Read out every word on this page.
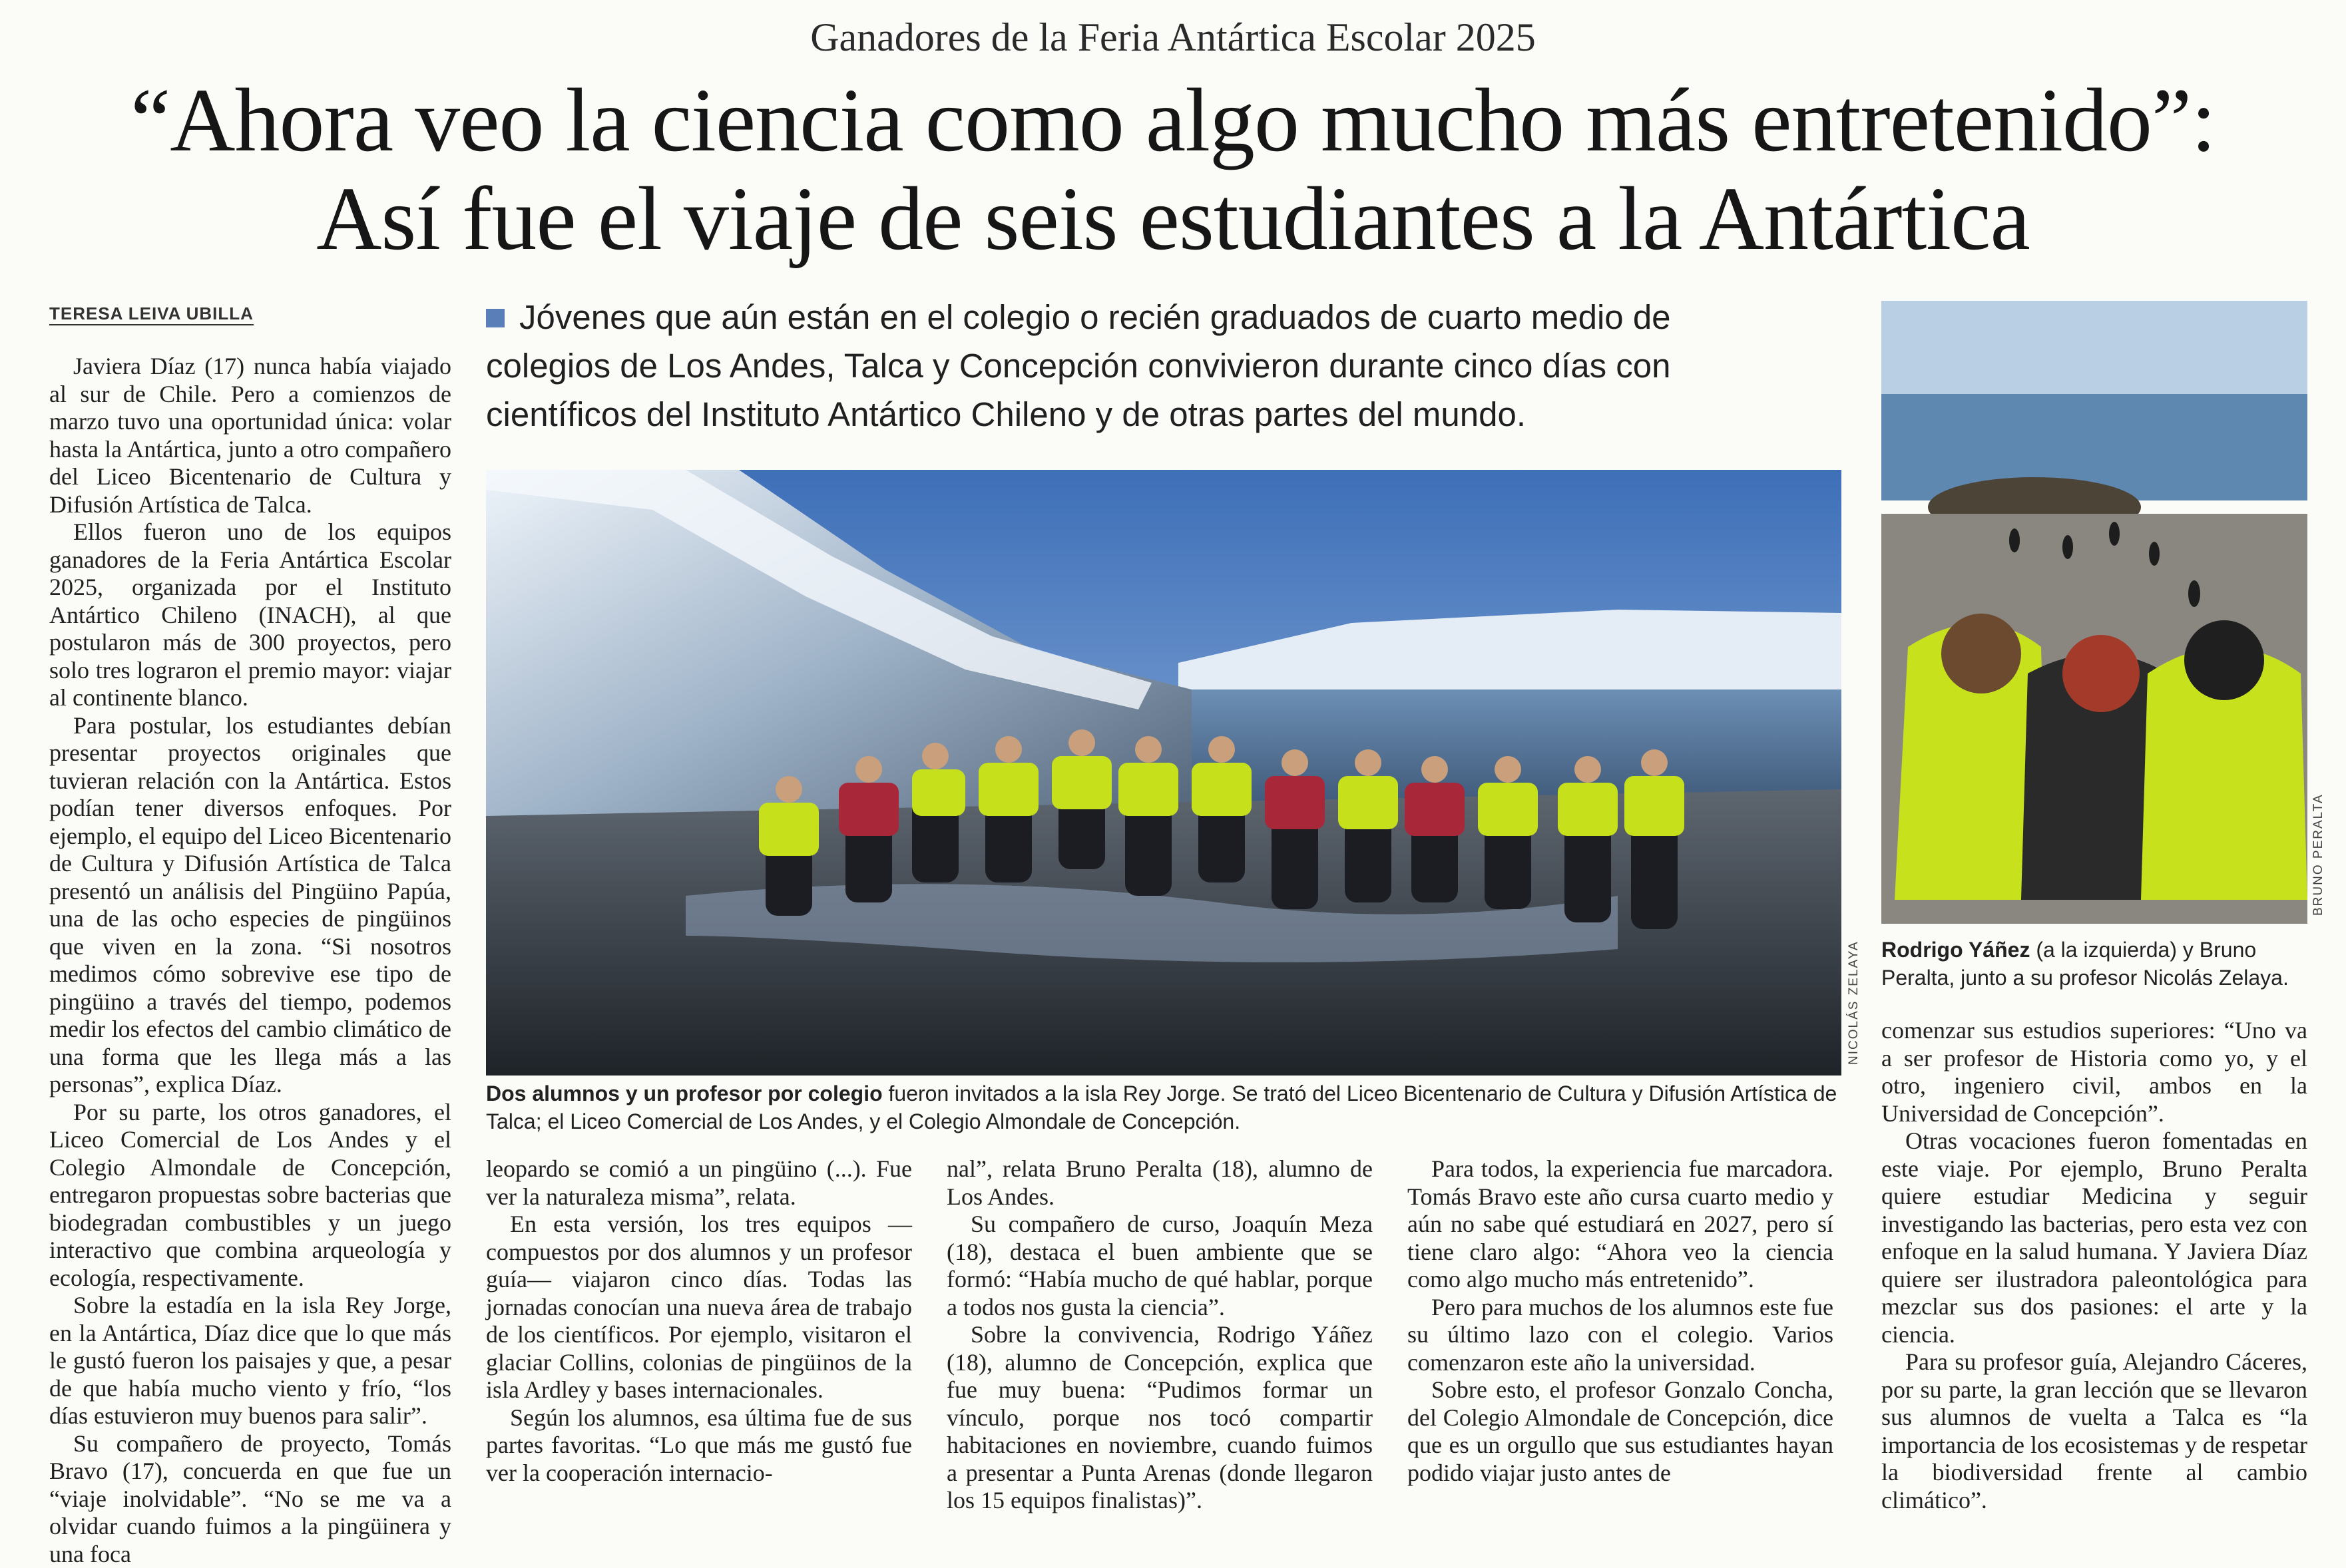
Ganadores de la Feria Antártica Escolar 2025
“Ahora veo la ciencia como algo mucho más entretenido”:
Así fue el viaje de seis estudiantes a la Antártica
TERESA LEIVA UBILLA	Jóvenes que aún están en el colegio o recién graduados de cuarto medio de colegios de Los Andes, Talca y Concepción convivieron durante cinco días con científicos del Instituto Antártico Chileno y de otras partes del mundo.
NICOLÁS ZELAYA
Dos alumnos y un profesor por colegio fueron invitados a la isla Rey Jorge. Se trató del Liceo Bicentenario de Cultura y Difusión Artística de Talca; el Liceo Comercial de Los Andes, y el Colegio Almondale de Concepción.
BRUNO PERALTA
Rodrigo Yáñez (a la izquierda) y Bruno Peralta, junto a su profesor Nicolás Zelaya.

Javiera Díaz (17) nunca había viajado al sur de Chile. Pero a comienzos de marzo tuvo una oportunidad única: volar hasta la Antártica, junto a otro compañero del Liceo Bicentenario de Cultura y Difusión Artística de Talca.

Ellos fueron uno de los equipos ganadores de la Feria Antártica Escolar 2025, organizada por el Instituto Antártico Chileno (INACH), al que postularon más de 300 proyectos, pero solo tres lograron el premio mayor: viajar al continente blanco.

Para postular, los estudiantes debían presentar proyectos originales que tuvieran relación con la Antártica. Estos podían tener diversos enfoques. Por ejemplo, el equipo del Liceo Bicentenario de Cultura y Difusión Artística de Talca presentó un análisis del Pingüino Papúa, una de las ocho especies de pingüinos que viven en la zona. “Si nosotros medimos cómo sobrevive ese tipo de pingüino a través del tiempo, podemos medir los efectos del cambio climático de una forma que les llega más a las personas”, explica Díaz.

Por su parte, los otros ganadores, el Liceo Comercial de Los Andes y el Colegio Almondale de Concepción, entregaron propuestas sobre bacterias que biodegradan combustibles y un juego interactivo que combina arqueología y ecología, respectivamente.

Sobre la estadía en la isla Rey Jorge, en la Antártica, Díaz dice que lo que más le gustó fueron los paisajes y que, a pesar de que había mucho viento y frío, “los días estuvieron muy buenos para salir”.

Su compañero de proyecto, Tomás Bravo (17), concuerda en que fue un “viaje inolvidable”. “No se me va a olvidar cuando fuimos a la pingüinera y una foca

leopardo se comió a un pingüino (...). Fue ver la naturaleza misma”, relata.

En esta versión, los tres equipos —compuestos por dos alumnos y un profesor guía— viajaron cinco días. Todas las jornadas conocían una nueva área de trabajo de los científicos. Por ejemplo, visitaron el glaciar Collins, colonias de pingüinos de la isla Ardley y bases internacionales.

Según los alumnos, esa última fue de sus partes favoritas. “Lo que más me gustó fue ver la cooperación internacio-

nal”, relata Bruno Peralta (18), alumno de Los Andes.

Su compañero de curso, Joaquín Meza (18), destaca el buen ambiente que se formó: “Había mucho de qué hablar, porque a todos nos gusta la ciencia”.

Sobre la convivencia, Rodrigo Yáñez (18), alumno de Concepción, explica que fue muy buena: “Pudimos formar un vínculo, porque nos tocó compartir habitaciones en noviembre, cuando fuimos a presentar a Punta Arenas (donde llegaron los 15 equipos finalistas)”.

Para todos, la experiencia fue marcadora. Tomás Bravo este año cursa cuarto medio y aún no sabe qué estudiará en 2027, pero sí tiene claro algo: “Ahora veo la ciencia como algo mucho más entretenido”.

Pero para muchos de los alumnos este fue su último lazo con el colegio. Varios comenzaron este año la universidad.

Sobre esto, el profesor Gonzalo Concha, del Colegio Almondale de Concepción, dice que es un orgullo que sus estudiantes hayan podido viajar justo antes de

comenzar sus estudios superiores: “Uno va a ser profesor de Historia como yo, y el otro, ingeniero civil, ambos en la Universidad de Concepción”.

Otras vocaciones fueron fomentadas en este viaje. Por ejemplo, Bruno Peralta quiere estudiar Medicina y seguir investigando las bacterias, pero esta vez con enfoque en la salud humana. Y Javiera Díaz quiere ser ilustradora paleontológica para mezclar sus dos pasiones: el arte y la ciencia.

Para su profesor guía, Alejandro Cáceres, por su parte, la gran lección que se llevaron sus alumnos de vuelta a Talca es “la importancia de los ecosistemas y de respetar la biodiversidad frente al cambio climático”.
